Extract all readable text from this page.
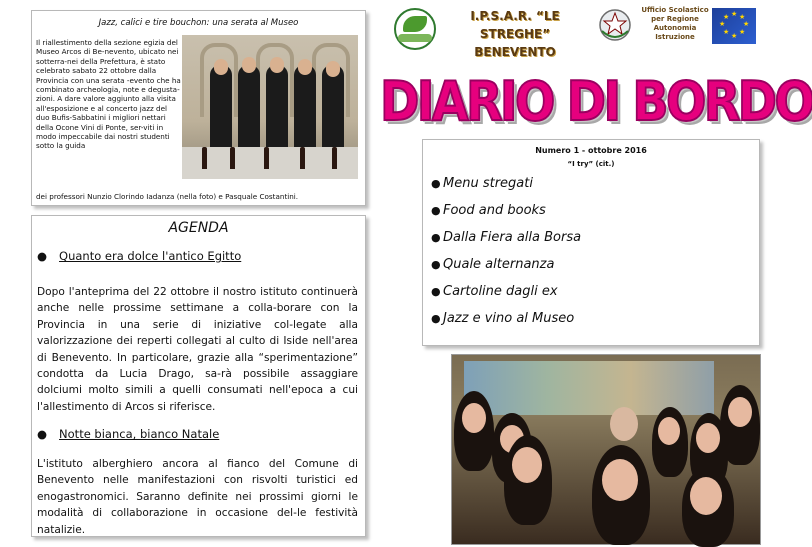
Jazz, calici e tire bouchon: una serata al Museo
Il riallestimento della sezione egizia del Museo Arcos di Be-nevento, ubicato nei sotterra-nei della Prefettura, è stato celebrato sabato 22 ottobre dalla Provincia con una serata -evento che ha combinato archeologia, note e degusta-zioni. A dare valore aggiunto alla visita all'esposizione e al concerto jazz del duo Bufis-Sabbatini i migliori nettari della Ocone Vini di Ponte, ser-viti in modo impeccabile dai nostri studenti sotto la guida
dei professori Nunzio Clorindo Iadanza (nella foto) e Pasquale Costantini.
AGENDA
● Quanto era dolce l'antico Egitto
Dopo l'anteprima del 22 ottobre il nostro istituto continuerà anche nelle prossime settimane a colla-borare con la Provincia in una serie di iniziative col-legate alla valorizzazione dei reperti collegati al culto di Iside nell'area di Benevento. In particolare, grazie alla “sperimentazione” condotta da Lucia Drago, sa-rà possibile assaggiare dolciumi molto simili a quelli consumati nell'epoca a cui l'allestimento di Arcos si riferisce.
● Notte bianca, bianco Natale
L'istituto alberghiero ancora al fianco del Comune di Benevento nelle manifestazioni con risvolti turistici ed enogastronomici. Saranno definite nei prossimi giorni le modalità di collaborazione in occasione del-le festività natalizie.
I.P.S.A.R. “LE STREGHE”
BENEVENTO
Ufficio Scolastico per Regione Autonomia Istruzione
★ ★
★
★
★
★
★
★
DIARIO DI BORDO
Numero 1 - ottobre 2016
“I try” (cit.)
● Menu stregati
● Food and books
● Dalla Fiera alla Borsa
● Quale alternanza
● Cartoline dagli ex
● Jazz e vino al Museo
